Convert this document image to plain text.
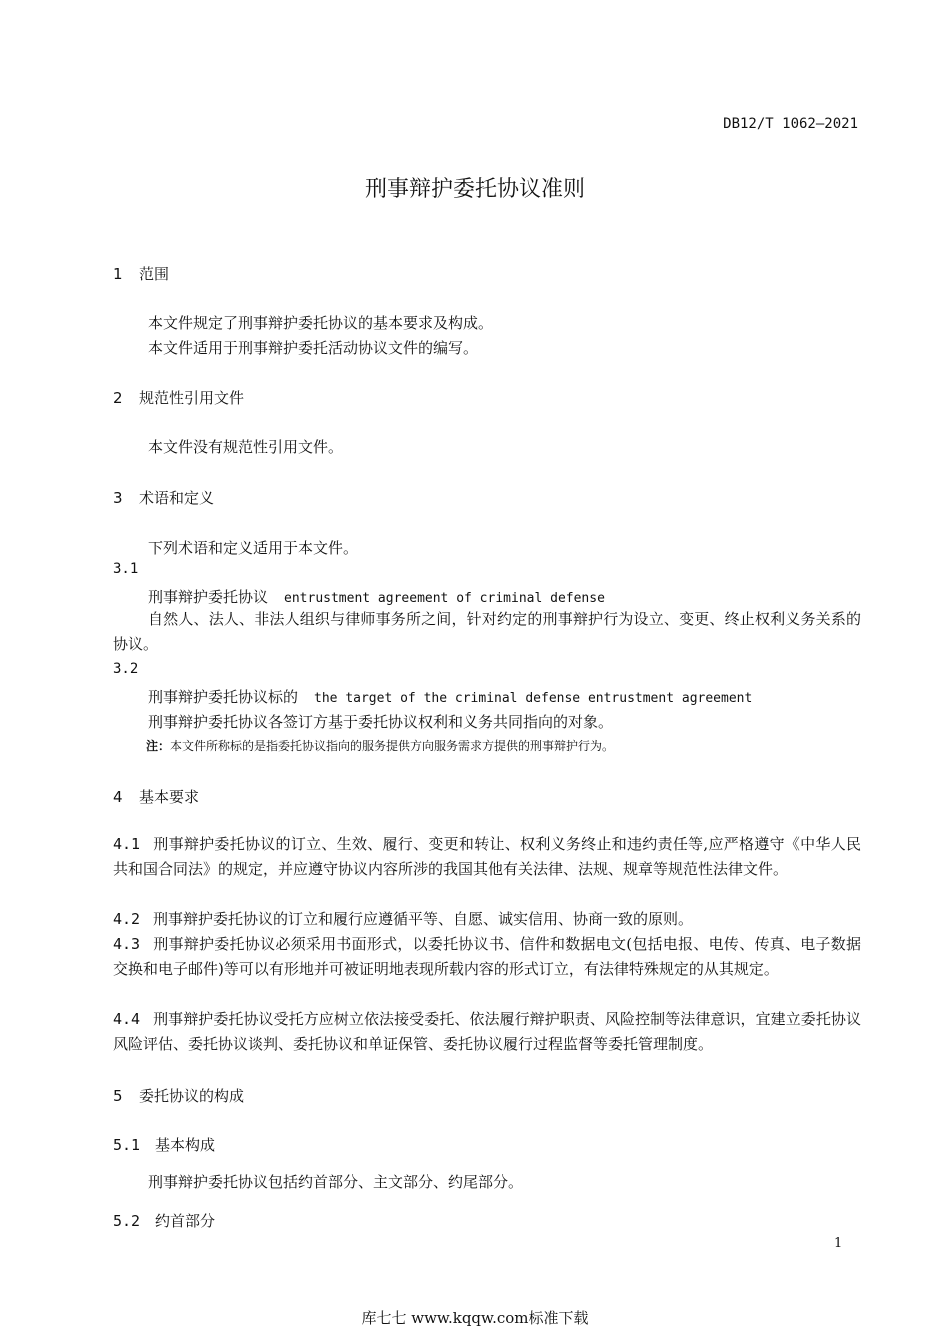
DB12/T 1062—2021
刑事辩护委托协议准则
1 范围
本文件规定了刑事辩护委托协议的基本要求及构成。
本文件适用于刑事辩护委托活动协议文件的编写。
2 规范性引用文件
本文件没有规范性引用文件。
3 术语和定义
下列术语和定义适用于本文件。
3.1
刑事辩护委托协议 entrustment agreement of criminal defense
自然人、法人、非法人组织与律师事务所之间，针对约定的刑事辩护行为设立、变更、终止权利义务关系的协议。
3.2
刑事辩护委托协议标的 the target of the criminal defense entrustment agreement
刑事辩护委托协议各签订方基于委托协议权利和义务共同指向的对象。
注：本文件所称标的是指委托协议指向的服务提供方向服务需求方提供的刑事辩护行为。
4 基本要求
4.1 刑事辩护委托协议的订立、生效、履行、变更和转让、权利义务终止和违约责任等,应严格遵守《中华人民共和国合同法》的规定，并应遵守协议内容所涉的我国其他有关法律、法规、规章等规范性法律文件。
4.2 刑事辩护委托协议的订立和履行应遵循平等、自愿、诚实信用、协商一致的原则。
4.3 刑事辩护委托协议必须采用书面形式，以委托协议书、信件和数据电文(包括电报、电传、传真、电子数据交换和电子邮件)等可以有形地并可被证明地表现所载内容的形式订立，有法律特殊规定的从其规定。
4.4 刑事辩护委托协议受托方应树立依法接受委托、依法履行辩护职责、风险控制等法律意识，宜建立委托协议风险评估、委托协议谈判、委托协议和单证保管、委托协议履行过程监督等委托管理制度。
5 委托协议的构成
5.1 基本构成
刑事辩护委托协议包括约首部分、主文部分、约尾部分。
5.2 约首部分
1
库七七 www.kqqw.com标准下载
